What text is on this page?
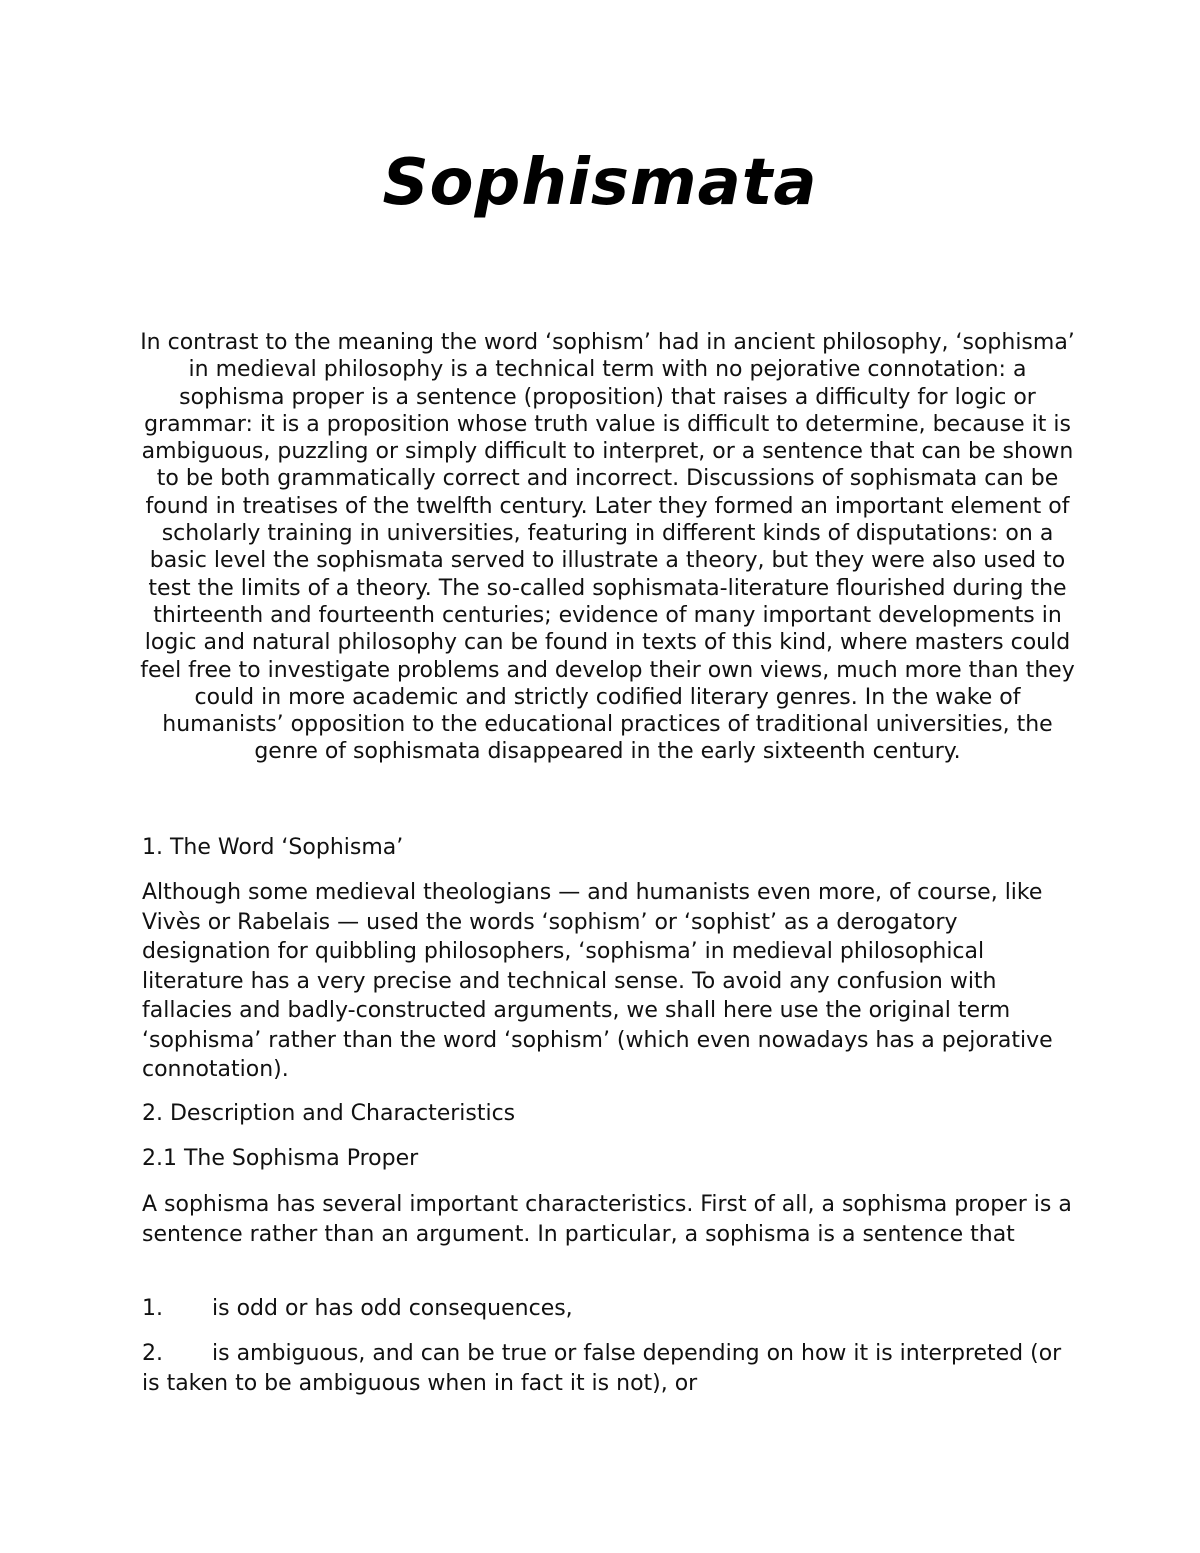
Sophismata

In contrast to the meaning the word ‘sophism’ had in ancient philosophy, ‘sophisma’ in medieval philosophy is a technical term with no pejorative connotation: a sophisma proper is a sentence (proposition) that raises a difficulty for logic or grammar: it is a proposition whose truth value is difficult to determine, because it is ambiguous, puzzling or simply difficult to interpret, or a sentence that can be shown to be both grammatically correct and incorrect. Discussions of sophismata can be found in treatises of the twelfth century. Later they formed an important element of scholarly training in universities, featuring in different kinds of disputations: on a basic level the sophismata served to illustrate a theory, but they were also used to test the limits of a theory. The so-called sophismata-literature flourished during the thirteenth and fourteenth centuries; evidence of many important developments in logic and natural philosophy can be found in texts of this kind, where masters could feel free to investigate problems and develop their own views, much more than they could in more academic and strictly codified literary genres. In the wake of humanists’ opposition to the educational practices of traditional universities, the genre of sophismata disappeared in the early sixteenth century.

1. The Word ‘Sophisma’

Although some medieval theologians — and humanists even more, of course, like Vivès or Rabelais — used the words ‘sophism’ or ‘sophist’ as a derogatory designation for quibbling philosophers, ‘sophisma’ in medieval philosophical literature has a very precise and technical sense. To avoid any confusion with fallacies and badly-constructed arguments, we shall here use the original term ‘sophisma’ rather than the word ‘sophism’ (which even nowadays has a pejorative connotation).

2. Description and Characteristics

2.1 The Sophisma Proper

A sophisma has several important characteristics. First of all, a sophisma proper is a sentence rather than an argument. In particular, a sophisma is a sentence that

1. is odd or has odd consequences,

2. is ambiguous, and can be true or false depending on how it is interpreted (or is taken to be ambiguous when in fact it is not), or
